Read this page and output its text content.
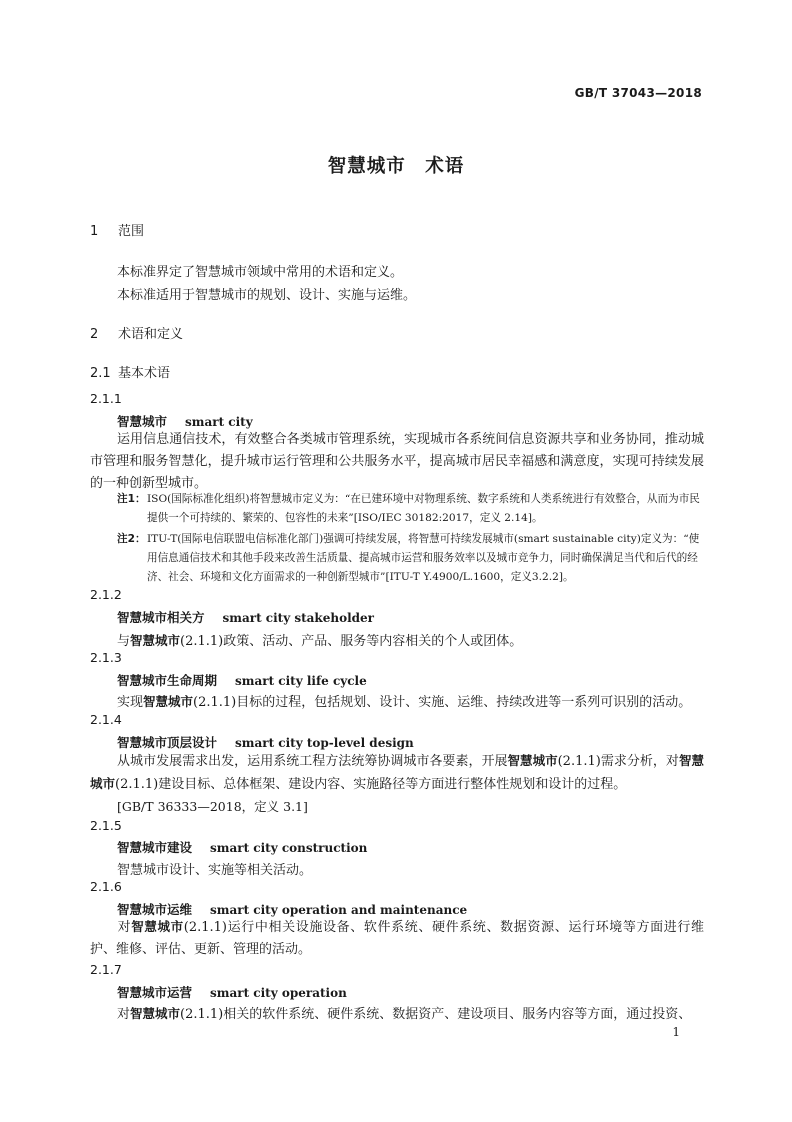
GB/T 37043—2018
智慧城市　术语
1 范围
本标准界定了智慧城市领域中常用的术语和定义。
本标准适用于智慧城市的规划、设计、实施与运维。
2 术语和定义
2.1 基本术语
2.1.1
智慧城市 smart city
运用信息通信技术，有效整合各类城市管理系统，实现城市各系统间信息资源共享和业务协同，推动城市管理和服务智慧化，提升城市运行管理和公共服务水平，提高城市居民幸福感和满意度，实现可持续发展的一种创新型城市。
注1： ISO(国际标准化组织)将智慧城市定义为：“在已建环境中对物理系统、数字系统和人类系统进行有效整合，从而为市民提供一个可持续的、繁荣的、包容性的未来”[ISO/IEC 30182:2017，定义 2.14]。
注2： ITU-T(国际电信联盟电信标准化部门)强调可持续发展，将智慧可持续发展城市(smart sustainable city)定义为：“使用信息通信技术和其他手段来改善生活质量、提高城市运营和服务效率以及城市竞争力，同时确保满足当代和后代的经济、社会、环境和文化方面需求的一种创新型城市”[ITU-T Y.4900/L.1600，定义3.2.2]。
2.1.2
智慧城市相关方 smart city stakeholder
与智慧城市(2.1.1)政策、活动、产品、服务等内容相关的个人或团体。
2.1.3
智慧城市生命周期 smart city life cycle
实现智慧城市(2.1.1)目标的过程，包括规划、设计、实施、运维、持续改进等一系列可识别的活动。
2.1.4
智慧城市顶层设计 smart city top-level design
从城市发展需求出发，运用系统工程方法统筹协调城市各要素，开展智慧城市(2.1.1)需求分析，对智慧城市(2.1.1)建设目标、总体框架、建设内容、实施路径等方面进行整体性规划和设计的过程。
[GB/T 36333—2018，定义 3.1]
2.1.5
智慧城市建设 smart city construction
智慧城市设计、实施等相关活动。
2.1.6
智慧城市运维 smart city operation and maintenance
对智慧城市(2.1.1)运行中相关设施设备、软件系统、硬件系统、数据资源、运行环境等方面进行维护、维修、评估、更新、管理的活动。
2.1.7
智慧城市运营 smart city operation
对智慧城市(2.1.1)相关的软件系统、硬件系统、数据资产、建设项目、服务内容等方面，通过投资、
1
